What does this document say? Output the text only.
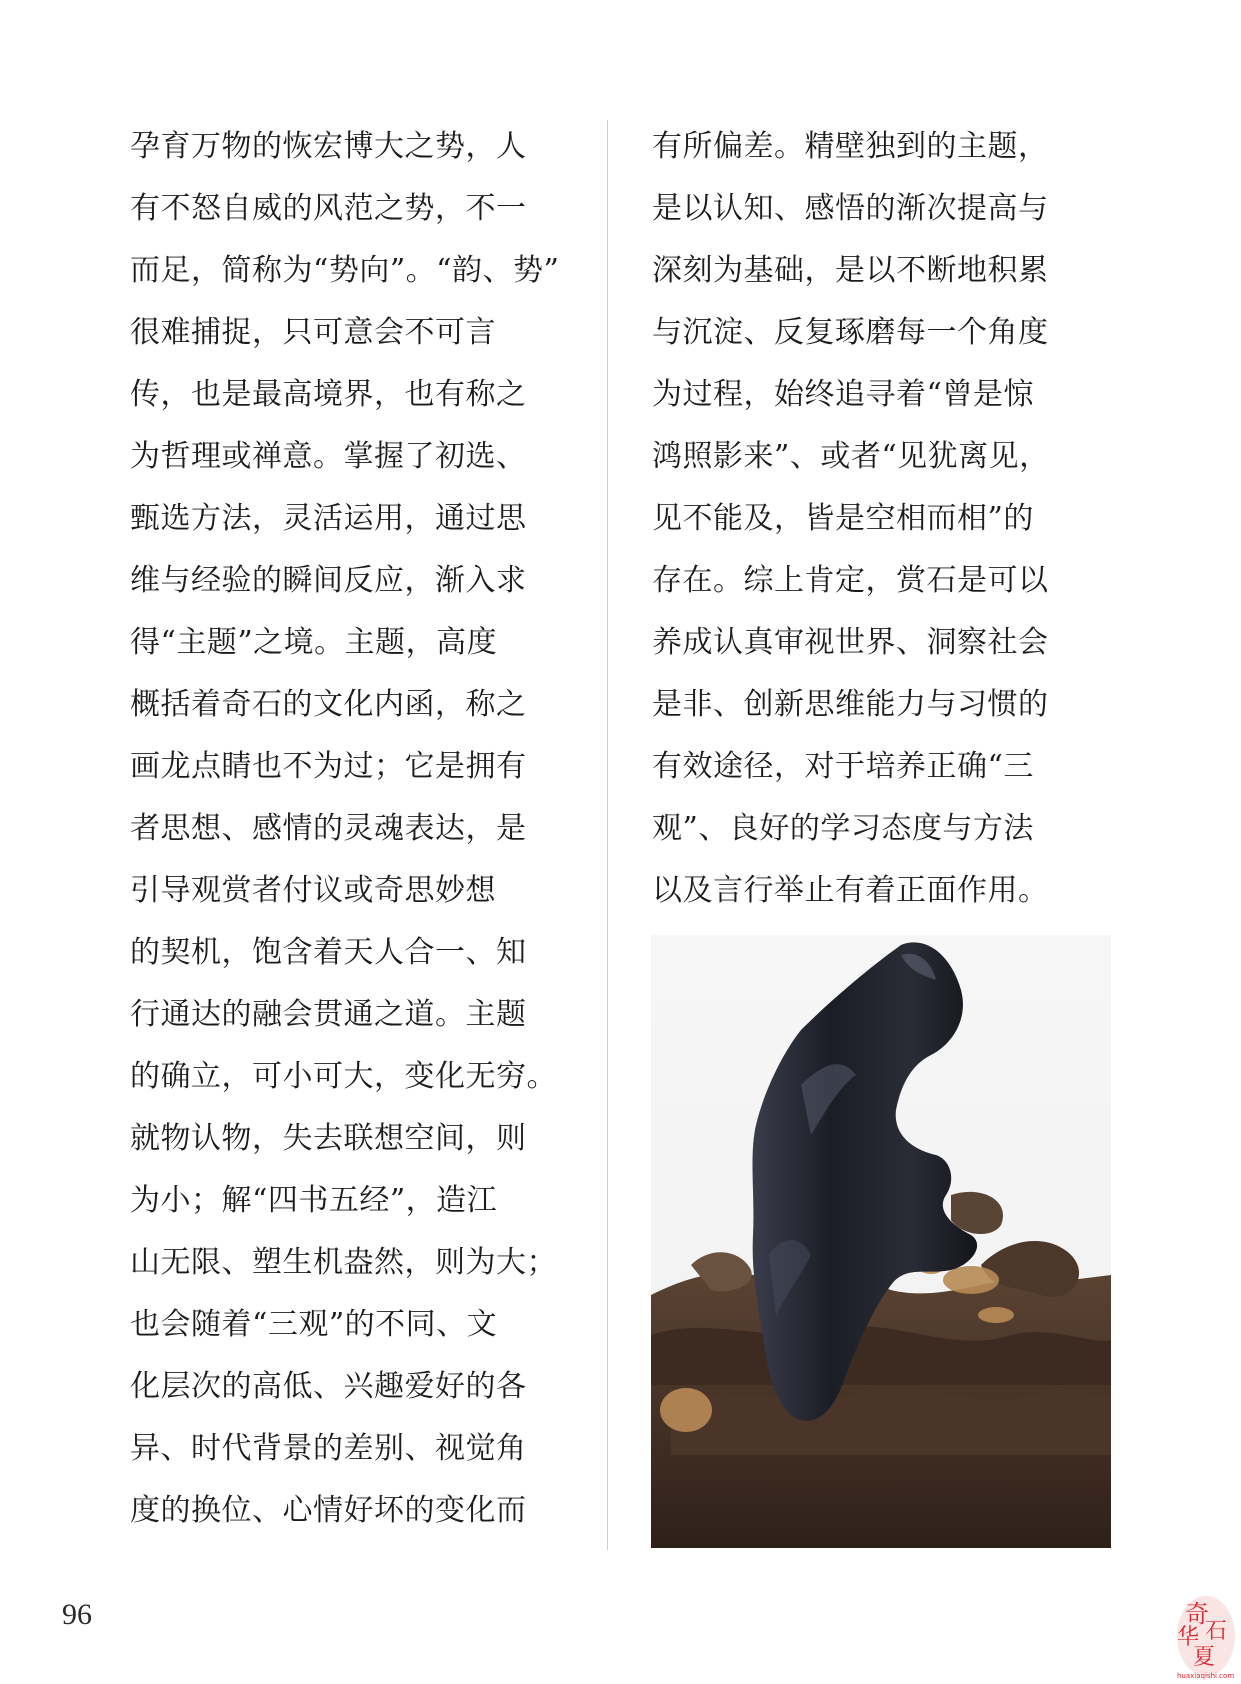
孕育万物的恢宏博大之势，人
有不怒自威的风范之势，不一
而足，简称为“势向”。“韵、势”
很难捕捉，只可意会不可言
传，也是最高境界，也有称之
为哲理或禅意。掌握了初选、
甄选方法，灵活运用，通过思
维与经验的瞬间反应，渐入求
得“主题”之境。主题，高度
概括着奇石的文化内函，称之
画龙点睛也不为过；它是拥有
者思想、感情的灵魂表达，是
引导观赏者付议或奇思妙想
的契机，饱含着天人合一、知
行通达的融会贯通之道。主题
的确立，可小可大，变化无穷。
就物认物，失去联想空间，则
为小；解“四书五经”，造江
山无限、塑生机盎然，则为大；
也会随着“三观”的不同、文
化层次的高低、兴趣爱好的各
异、时代背景的差别、视觉角
度的换位、心情好坏的变化而
有所偏差。精壁独到的主题，
是以认知、感悟的渐次提高与
深刻为基础，是以不断地积累
与沉淀、反复琢磨每一个角度
为过程，始终追寻着“曾是惊
鸿照影来”、或者“见犹离见，
见不能及，皆是空相而相”的
存在。综上肯定，赏石是可以
养成认真审视世界、洞察社会
是非、创新思维能力与习惯的
有效途径，对于培养正确“三
观”、良好的学习态度与方法
以及言行举止有着正面作用。
96	奇
石
华
夏
huaxiaqishi.com
